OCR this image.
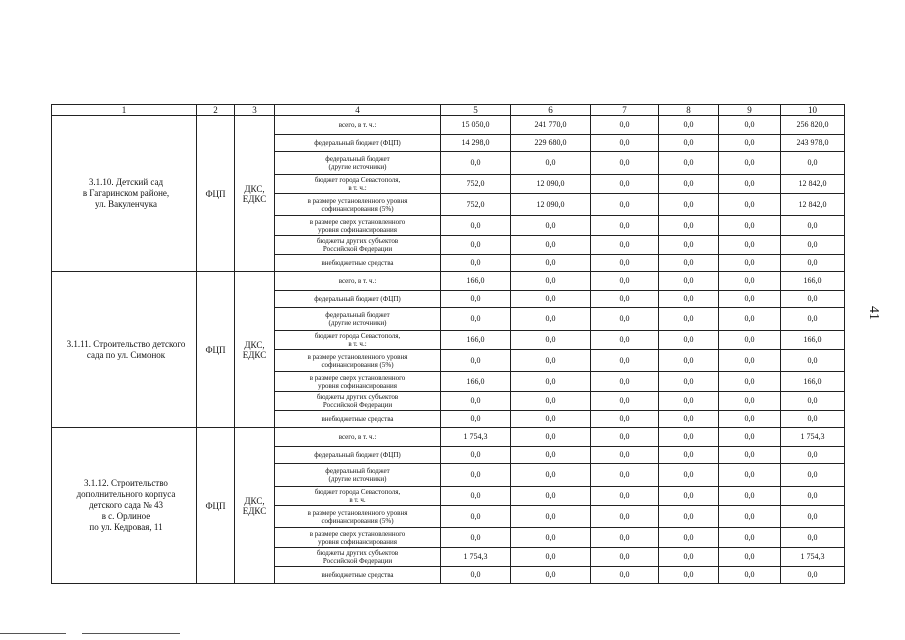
1	2	3	4	5	6	7	8	9	10
3.1.10. Детский сад
в Гагаринском районе,
ул. Вакуленчука	ФЦП	ДКС,
ЕДКС	всего, в т. ч.:	15 050,0	241 770,0	0,0	0,0	0,0	256 820,0
			федеральный бюджет (ФЦП)	14 298,0	229 680,0	0,0	0,0	0,0	243 978,0
			федеральный бюджет
(другие источники)	0,0	0,0	0,0	0,0	0,0	0,0
			бюджет города Севастополя,
в т. ч.:	752,0	12 090,0	0,0	0,0	0,0	12 842,0
			в размере установленного уровня
софинансирования (5%)	752,0	12 090,0	0,0	0,0	0,0	12 842,0
			в размере сверх установленного
уровня софинансирования	0,0	0,0	0,0	0,0	0,0	0,0
			бюджеты других субъектов
Российской Федерации	0,0	0,0	0,0	0,0	0,0	0,0
			внебюджетные средства	0,0	0,0	0,0	0,0	0,0	0,0
3.1.11. Строительство детского
сада по ул. Симонок	ФЦП	ДКС,
ЕДКС	всего, в т. ч.:	166,0	0,0	0,0	0,0	0,0	166,0
			федеральный бюджет (ФЦП)	0,0	0,0	0,0	0,0	0,0	0,0
			федеральный бюджет
(другие источники)	0,0	0,0	0,0	0,0	0,0	0,0
			бюджет города Севастополя,
в т. ч.:	166,0	0,0	0,0	0,0	0,0	166,0
			в размере установленного уровня
софинансирования (5%)	0,0	0,0	0,0	0,0	0,0	0,0
			в размере сверх установленного
уровня софинансирования	166,0	0,0	0,0	0,0	0,0	166,0
			бюджеты других субъектов
Российской Федерации	0,0	0,0	0,0	0,0	0,0	0,0
			внебюджетные средства	0,0	0,0	0,0	0,0	0,0	0,0
3.1.12. Строительство
дополнительного корпуса
детского сада № 43
в с. Орлиное
по ул. Кедровая, 11	ФЦП	ДКС,
ЕДКС	всего, в т. ч.:	1 754,3	0,0	0,0	0,0	0,0	1 754,3
			федеральный бюджет (ФЦП)	0,0	0,0	0,0	0,0	0,0	0,0
			федеральный бюджет
(другие источники)	0,0	0,0	0,0	0,0	0,0	0,0
			бюджет города Севастополя,
в т. ч.	0,0	0,0	0,0	0,0	0,0	0,0
			в размере установленного уровня
софинансирования (5%)	0,0	0,0	0,0	0,0	0,0	0,0
			в размере сверх установленного
уровня софинансирования	0,0	0,0	0,0	0,0	0,0	0,0
			бюджеты других субъектов
Российской Федерации	1 754,3	0,0	0,0	0,0	0,0	1 754,3
			внебюджетные средства	0,0	0,0	0,0	0,0	0,0	0,0
41
